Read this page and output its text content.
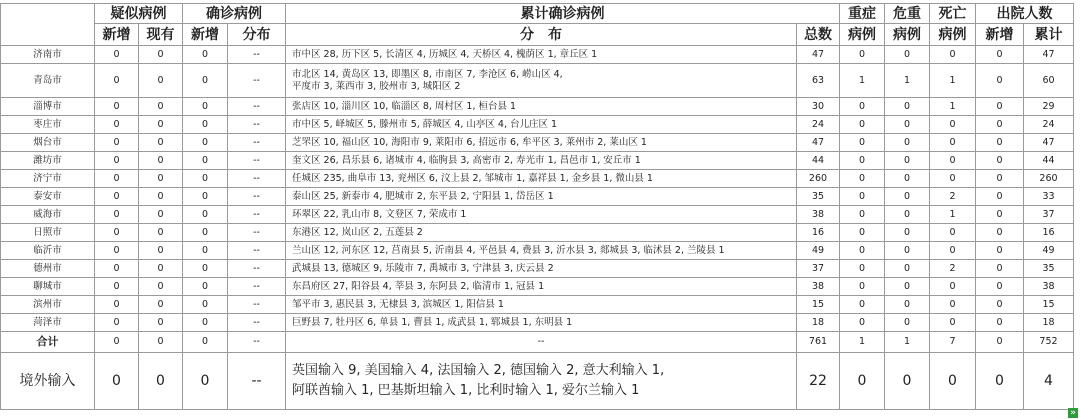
	疑似病例		确诊病例		累计确诊病例		重症	危重	死亡	出院人数	
	新增	现有	新增	分布	分　布	总数	病例	病例	病例	新增	累计
济南市	0	0	0	--	市中区 28, 历下区 5, 长清区 4, 历城区 4, 天桥区 4, 槐荫区 1, 章丘区 1	47	0	0	0	0	47
青岛市	0	0	0	--	市北区 14, 黄岛区 13, 即墨区 8, 市南区 7, 李沧区 6, 崂山区 4,
平度市 3, 莱西市 3, 胶州市 3, 城阳区 2	63	1	1	1	0	60
淄博市	0	0	0	--	张店区 10, 淄川区 10, 临淄区 8, 周村区 1, 桓台县 1	30	0	0	1	0	29
枣庄市	0	0	0	--	市中区 5, 峄城区 5, 滕州市 5, 薛城区 4, 山亭区 4, 台儿庄区 1	24	0	0	0	0	24
烟台市	0	0	0	--	芝罘区 10, 福山区 10, 海阳市 9, 莱阳市 6, 招远市 6, 牟平区 3, 莱州市 2, 莱山区 1	47	0	0	0	0	47
潍坊市	0	0	0	--	奎文区 26, 昌乐县 6, 诸城市 4, 临朐县 3, 高密市 2, 寿光市 1, 昌邑市 1, 安丘市 1	44	0	0	0	0	44
济宁市	0	0	0	--	任城区 235, 曲阜市 13, 兖州区 6, 汶上县 2, 邹城市 1, 嘉祥县 1, 金乡县 1, 微山县 1	260	0	0	0	0	260
泰安市	0	0	0	--	泰山区 25, 新泰市 4, 肥城市 2, 东平县 2, 宁阳县 1, 岱岳区 1	35	0	0	2	0	33
威海市	0	0	0	--	环翠区 22, 乳山市 8, 文登区 7, 荣成市 1	38	0	0	1	0	37
日照市	0	0	0	--	东港区 12, 岚山区 2, 五莲县 2	16	0	0	0	0	16
临沂市	0	0	0	--	兰山区 12, 河东区 12, 莒南县 5, 沂南县 4, 平邑县 4, 费县 3, 沂水县 3, 郯城县 3, 临沭县 2, 兰陵县 1	49	0	0	0	0	49
德州市	0	0	0	--	武城县 13, 德城区 9, 乐陵市 7, 禹城市 3, 宁津县 3, 庆云县 2	37	0	0	2	0	35
聊城市	0	0	0	--	东昌府区 27, 阳谷县 4, 莘县 3, 东阿县 2, 临清市 1, 冠县 1	38	0	0	0	0	38
滨州市	0	0	0	--	邹平市 3, 惠民县 3, 无棣县 3, 滨城区 1, 阳信县 1	15	0	0	0	0	15
菏泽市	0	0	0	--	巨野县 7, 牡丹区 6, 单县 1, 曹县 1, 成武县 1, 郓城县 1, 东明县 1	18	0	0	0	0	18
合计	0	0	0	--	--	761	1	1	7	0	752
境外输入	0	0	0	--	英国输入 9, 美国输入 4, 法国输入 2, 德国输入 2, 意大利输入 1,
阿联酋输入 1, 巴基斯坦输入 1, 比利时输入 1, 爱尔兰输入 1	22	0	0	0	0	4
»
